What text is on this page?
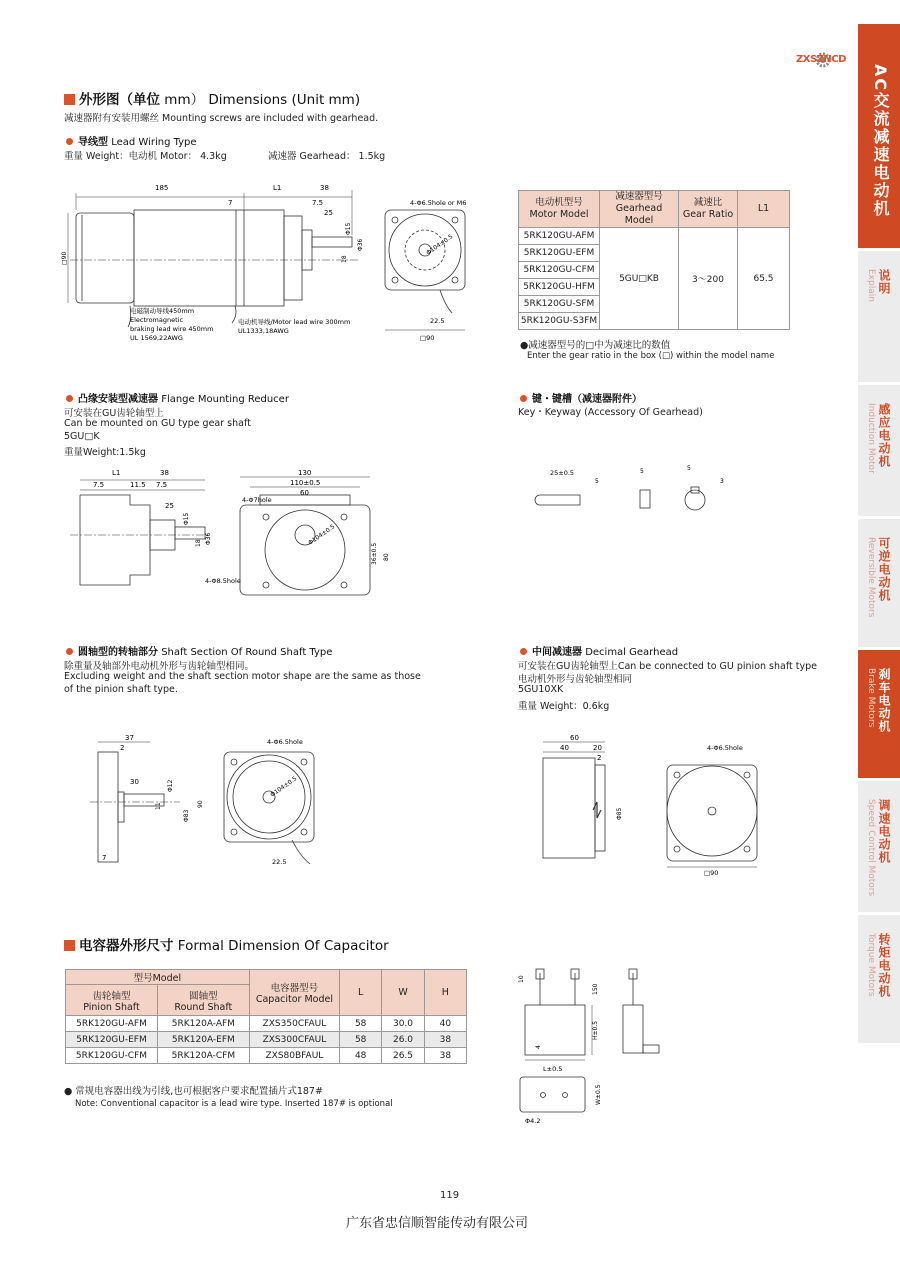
ZXSZNCD
AC交流减速电动机
说明
Explain
感应电动机
Induction Motor
可逆电动机
Reversible Motors
刹车电动机
Brake Motors
调速电动机
Speed Control Motors
转矩电动机
Torque Motors
外形图（单位 mm） Dimensions (Unit mm)
减速器附有安装用螺丝 Mounting screws are included with gearhead.
导线型 Lead Wiring Type
重量 Weight：电动机 Motor： 4.3kg	减速器 Gearhead： 1.5kg
185	L1	38
7	7.5
25
Φ15
Φ36
18
□90
电磁制动导线450mm
Electromagnetic
braking lead wire 450mm
UL 1569,22AWG
电动机导线/Motor lead wire 300mm
UL1333,18AWG
4-Φ6.5hole or M6
Φ104±0.5
22.5
□90
电动机型号
Motor Model	减速器型号
Gearhead Model	减速比
Gear Ratio	L1
5RK120GU-AFM	5GU□KB	3～200	65.5
5RK120GU-EFM			
5RK120GU-CFM			
5RK120GU-HFM			
5RK120GU-SFM			
5RK120GU-S3FM			
●减速器型号的□中为减速比的数值
Enter the gear ratio in the box (□) within the model name
凸缘安装型减速器 Flange Mounting Reducer
可安装在GU齿轮轴型上
Can be mounted on GU type gear shaft
5GU□K
重量Weight:1.5kg
L1	38
7.5	11.5 7.5
25
Φ15
18 Φ36
130
110±0.5
60
4-Φ7hole
Φ104±0.5
36±0.5 80
4-Φ8.5hole
键・键槽（减速器附件）
Key・Keyway (Accessory Of Gearhead)
25±0.5
5
5	5
3
圆轴型的转轴部分 Shaft Section Of Round Shaft Type
除重量及轴部外电动机外形与齿轮轴型相同。
Excluding weight and the shaft section motor shape are the same as those
of the pinion shaft type.
37
2
30
11
Φ12
Φ83
90
7
4-Φ6.5hole
Φ104±0.5
22.5
中间减速器 Decimal Gearhead
可安装在GU齿轮轴型上Can be connected to GU pinion shaft type
电动机外形与齿轮轴型相同
5GU10XK
重量 Weight：0.6kg
60
40	20
2
Φ85
4-Φ6.5hole
□90
电容器外形尺寸 Formal Dimension Of Capacitor
型号Model		电容器型号
Capacitor Model	L	W	H
齿轮轴型
Pinion Shaft	圆轴型
Round Shaft				
5RK120GU-AFM	5RK120A-AFM	ZXS350CFAUL	58	30.0	40
5RK120GU-EFM	5RK120A-EFM	ZXS300CFAUL	58	26.0	38
5RK120GU-CFM	5RK120A-CFM	ZXS80BFAUL	48	26.5	38
● 常规电容器出线为引线,也可根据客户要求配置插片式187#
Note: Conventional capacitor is a lead wire type. Inserted 187# is optional
10
150
H±0.5
4
L±0.5
W±0.5
Φ4.2
119
广东省忠信顺智能传动有限公司
